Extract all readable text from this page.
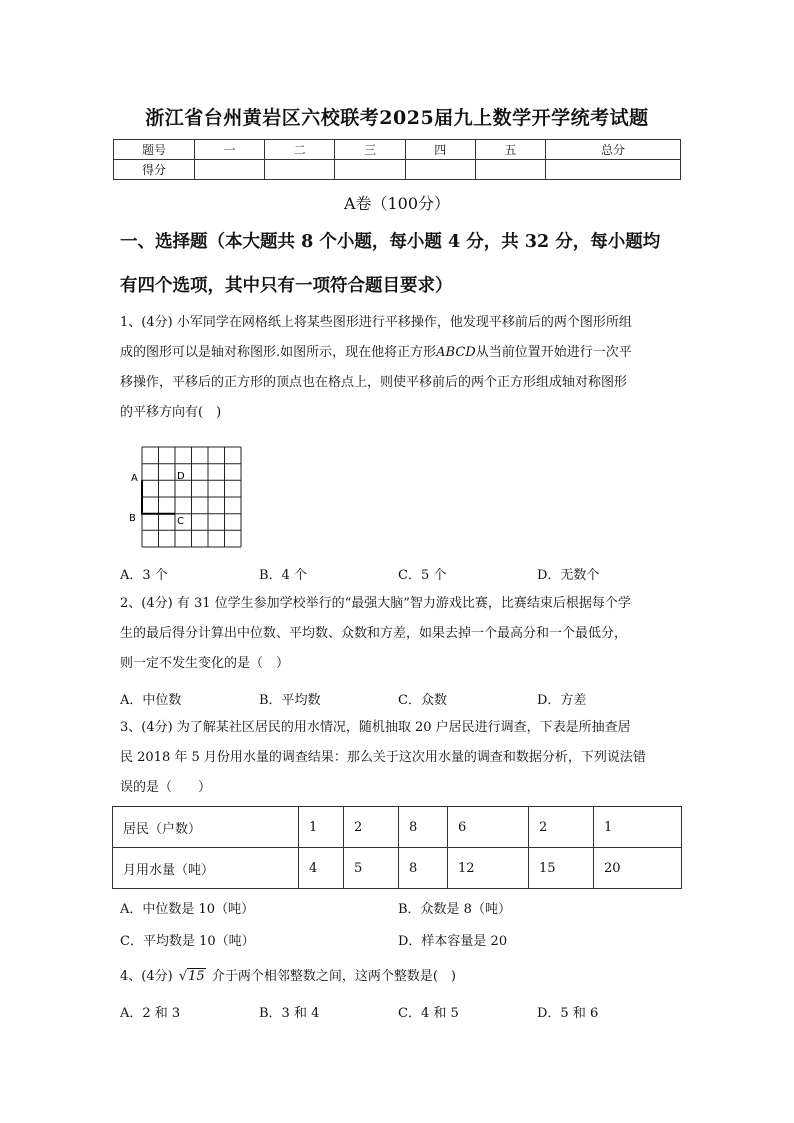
浙江省台州黄岩区六校联考2025届九上数学开学统考试题
题号	一	二	三	四	五	总分
得分						
A卷（100分）
一、选择题（本大题共 8 个小题，每小题 4 分，共 32 分，每小题均
有四个选项，其中只有一项符合题目要求）
1、(4分) 小军同学在网格纸上将某些图形进行平移操作，他发现平移前后的两个图形所组
成的图形可以是轴对称图形.如图所示，现在他将正方形ABCD从当前位置开始进行一次平
移操作，平移后的正方形的顶点也在格点上，则使平移前后的两个正方形组成轴对称图形
的平移方向有(　)
A	D
B	C
A．3 个	B．4 个	C．5 个	D．无数个
2、(4分) 有 31 位学生参加学校举行的“最强大脑”智力游戏比赛，比赛结束后根据每个学
生的最后得分计算出中位数、平均数、众数和方差，如果去掉一个最高分和一个最低分，
则一定不发生变化的是（　）
A．中位数	B．平均数	C．众数	D．方差
3、(4分) 为了解某社区居民的用水情况，随机抽取 20 户居民进行调查，下表是所抽查居
民 2018 年 5 月份用水量的调查结果：那么关于这次用水量的调查和数据分析，下列说法错
误的是（　　）
居民（户数）	1	2	8	6	2	1
月用水量（吨）	4	5	8	12	15	20
A．中位数是 10（吨）	B．众数是 8（吨）
C．平均数是 10（吨）	D．样本容量是 20
4、(4分) √15 介于两个相邻整数之间，这两个整数是(　)
A．2 和 3	B．3 和 4	C．4 和 5	D．5 和 6
